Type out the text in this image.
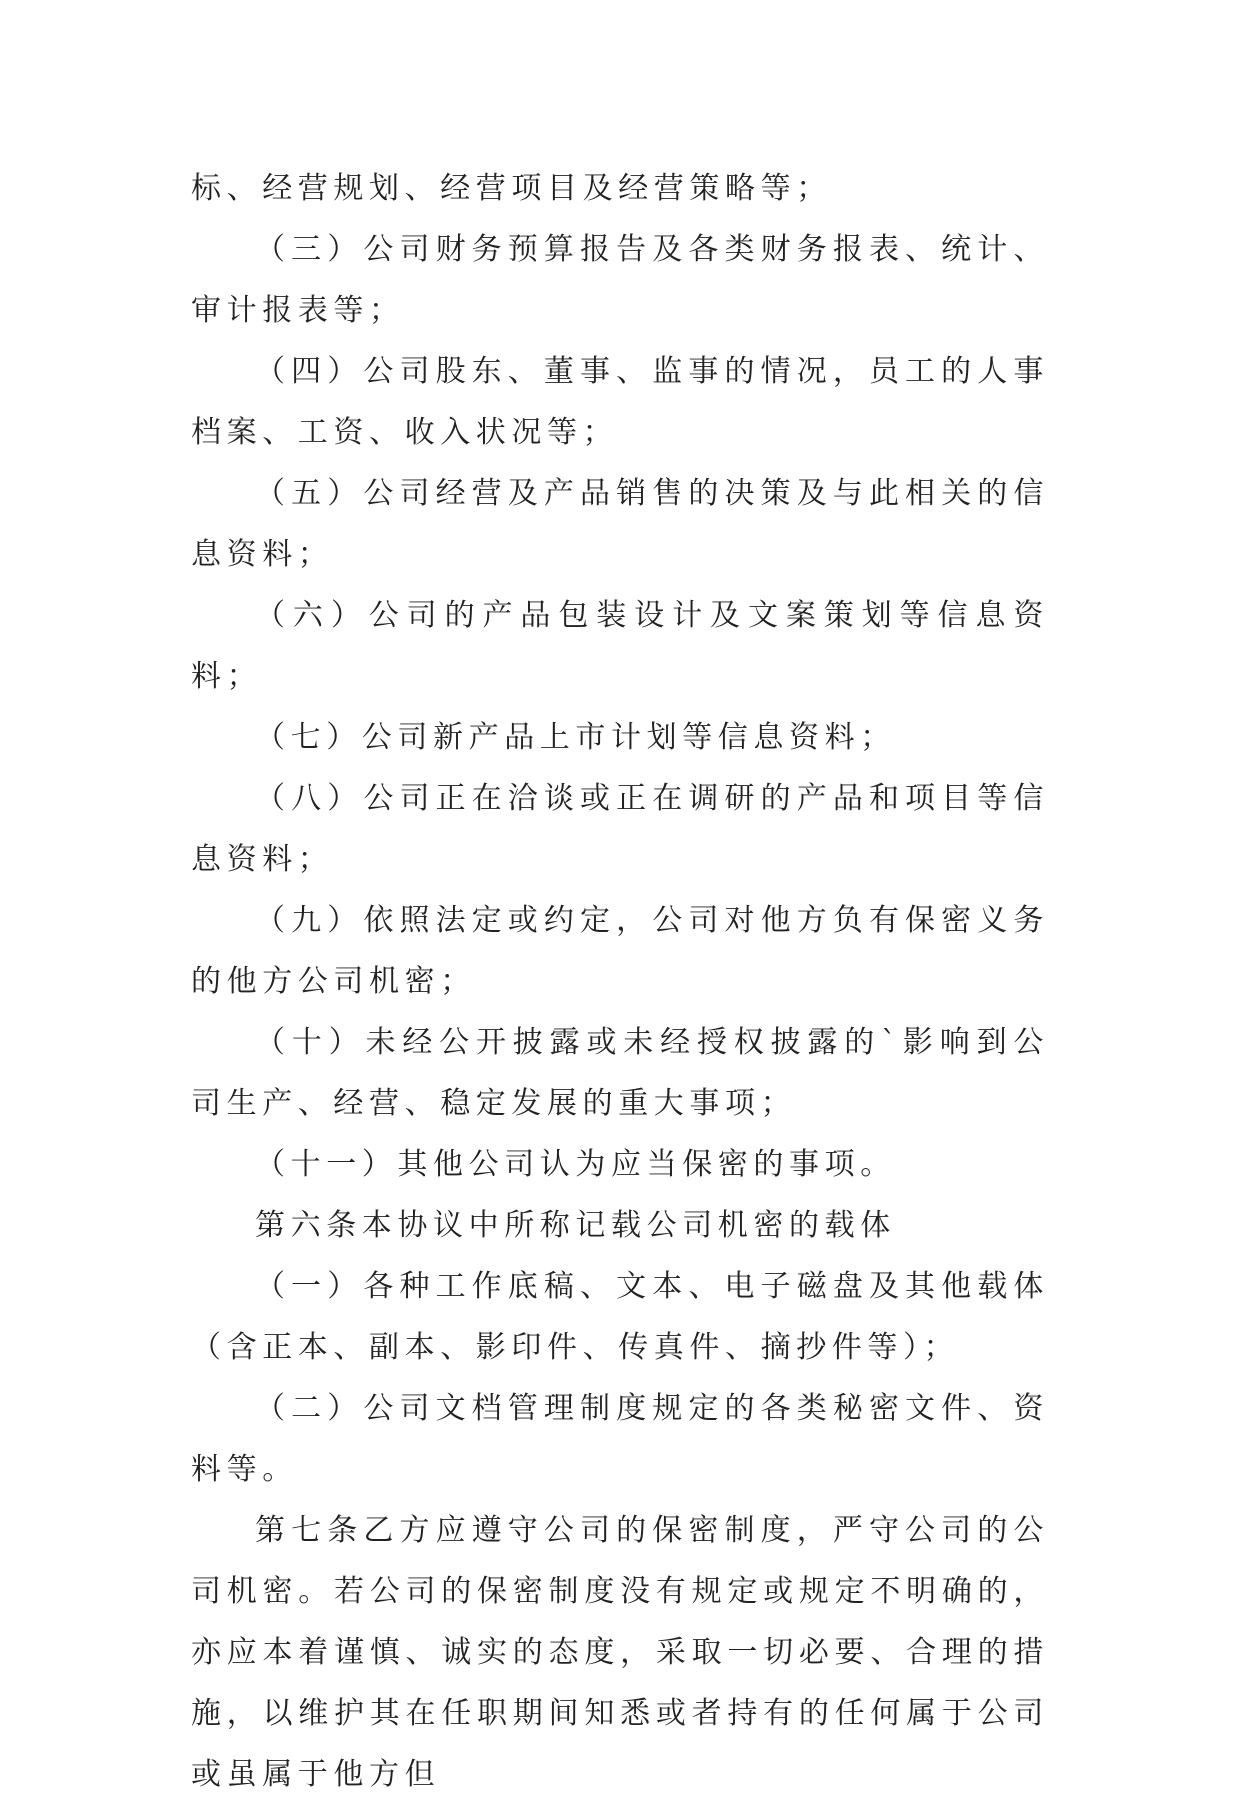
标、经营规划、经营项目及经营策略等；

（三）公司财务预算报告及各类财务报表、统计、审计报表等；

（四）公司股东、董事、监事的情况，员工的人事档案、工资、收入状况等；

（五）公司经营及产品销售的决策及与此相关的信息资料；

（六）公司的产品包装设计及文案策划等信息资料；

（七）公司新产品上市计划等信息资料；

（八）公司正在洽谈或正在调研的产品和项目等信息资料；

（九）依照法定或约定，公司对他方负有保密义务的他方公司机密；

（十）未经公开披露或未经授权披露的`影响到公司生产、经营、稳定发展的重大事项；

（十一）其他公司认为应当保密的事项。

第六条本协议中所称记载公司机密的载体

（一）各种工作底稿、文本、电子磁盘及其他载体（含正本、副本、影印件、传真件、摘抄件等）；

（二）公司文档管理制度规定的各类秘密文件、资料等。

第七条乙方应遵守公司的保密制度，严守公司的公司机密。若公司的保密制度没有规定或规定不明确的，亦应本着谨慎、诚实的态度，采取一切必要、合理的措施，以维护其在任职期间知悉或者持有的任何属于公司或虽属于他方但
